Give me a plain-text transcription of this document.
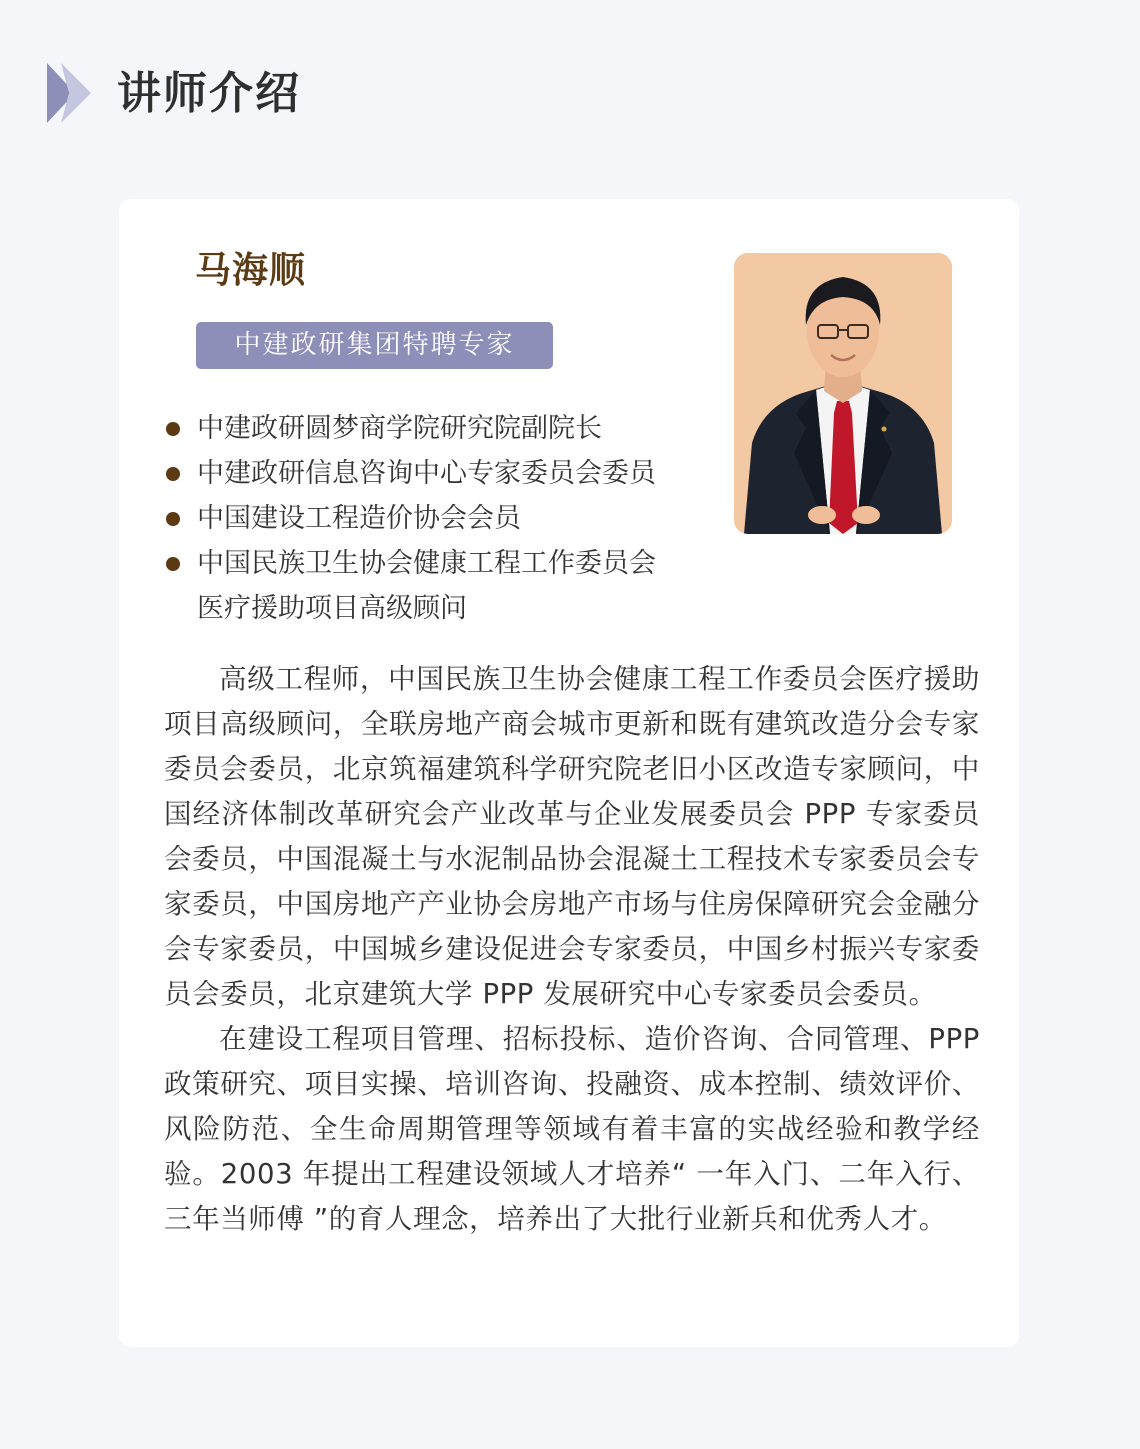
讲师介绍
马海顺
中建政研集团特聘专家
中建政研圆梦商学院研究院副院长
中建政研信息咨询中心专家委员会委员
中国建设工程造价协会会员
中国民族卫生协会健康工程工作委员会
医疗援助项目高级顾问

高级工程师，中国民族卫生协会健康工程工作委员会医疗援助项目高级顾问，全联房地产商会城市更新和既有建筑改造分会专家委员会委员，北京筑福建筑科学研究院老旧小区改造专家顾问，中国经济体制改革研究会产业改革与企业发展委员会 PPP 专家委员会委员，中国混凝土与水泥制品协会混凝土工程技术专家委员会专家委员，中国房地产产业协会房地产市场与住房保障研究会金融分会专家委员，中国城乡建设促进会专家委员，中国乡村振兴专家委员会委员，北京建筑大学 PPP 发展研究中心专家委员会委员。

在建设工程项目管理、招标投标、造价咨询、合同管理、PPP 政策研究、项目实操、培训咨询、投融资、成本控制、绩效评价、风险防范、全生命周期管理等领域有着丰富的实战经验和教学经验。2003 年提出工程建设领域人才培养“ 一年入门、二年入行、三年当师傅 ”的育人理念，培养出了大批行业新兵和优秀人才。
